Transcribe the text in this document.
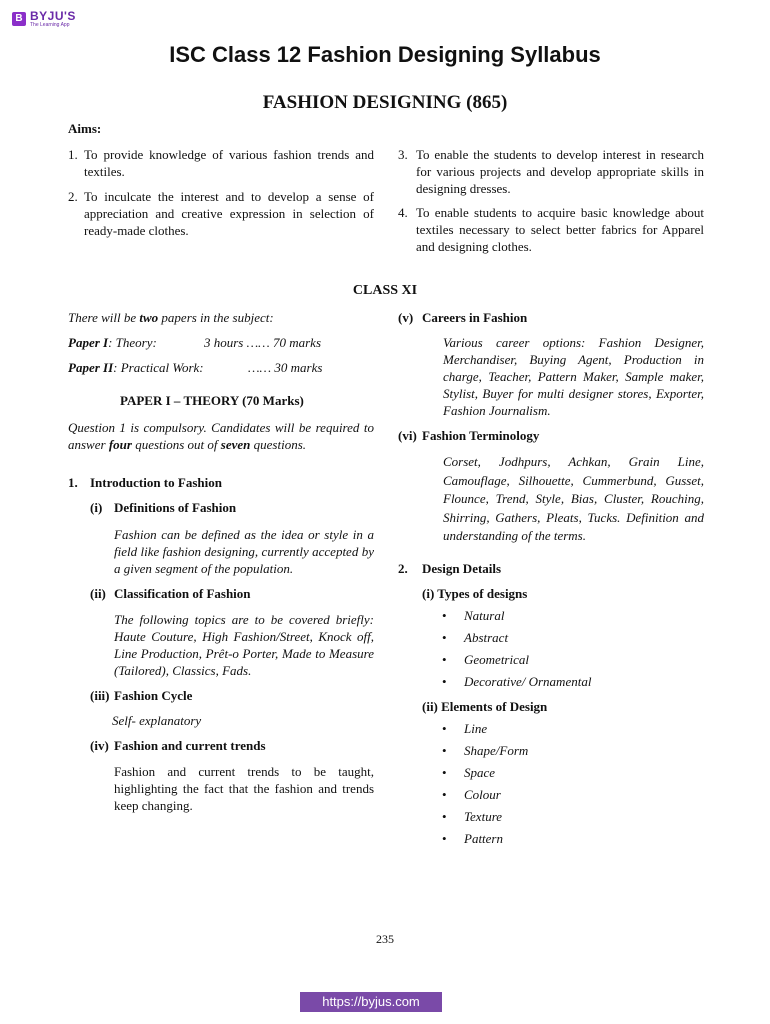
B BYJU'S
The Learning App
ISC Class 12 Fashion Designing Syllabus
FASHION DESIGNING (865)
Aims:
1. To provide knowledge of various fashion trends and textiles.
2. To inculcate the interest and to develop a sense of appreciation and creative expression in selection of ready-made clothes.
3. To enable the students to develop interest in research for various projects and develop appropriate skills in designing dresses.
4. To enable students to acquire basic knowledge about textiles necessary to select better fabrics for Apparel and designing clothes.
CLASS XI
There will be two papers in the subject:
Paper I: Theory:	3 hours …… 70 marks
Paper II: Practical Work:	…… 30 marks
PAPER I – THEORY (70 Marks)
Question 1 is compulsory. Candidates will be required to answer four questions out of seven questions.
1. Introduction to Fashion
(i) Definitions of Fashion
Fashion can be defined as the idea or style in a field like fashion designing, currently accepted by a given segment of the population.
(ii) Classification of Fashion
The following topics are to be covered briefly: Haute Couture, High Fashion/Street, Knock off, Line Production, Prêt-o Porter, Made to Measure (Tailored), Classics, Fads.
(iii) Fashion Cycle
Self- explanatory
(iv) Fashion and current trends
Fashion and current trends to be taught, highlighting the fact that the fashion and trends keep changing.
(v) Careers in Fashion
Various career options: Fashion Designer, Merchandiser, Buying Agent, Production in charge, Teacher, Pattern Maker, Sample maker, Stylist, Buyer for multi designer stores, Exporter, Fashion Journalism.
(vi) Fashion Terminology
Corset, Jodhpurs, Achkan, Grain Line, Camouflage, Silhouette, Cummerbund, Gusset, Flounce, Trend, Style, Bias, Cluster, Rouching, Shirring, Gathers, Pleats, Tucks. Definition and understanding of the terms.
2. Design Details
(i) Types of designs
• Natural
• Abstract
• Geometrical
• Decorative/ Ornamental
(ii) Elements of Design
• Line
• Shape/Form
• Space
• Colour
• Texture
• Pattern
235
https://byjus.com
